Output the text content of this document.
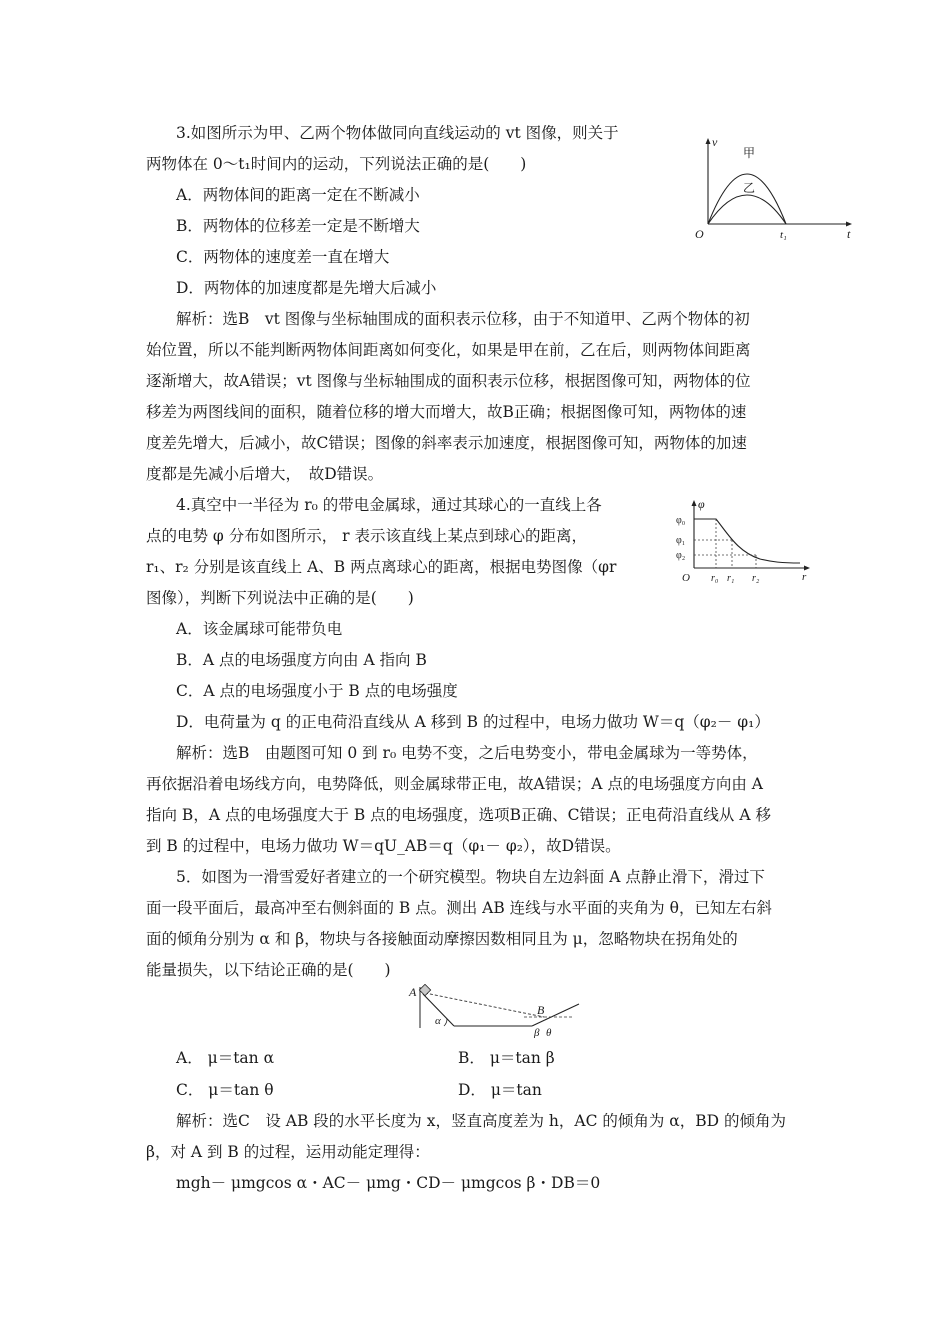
3.如图所示为甲、乙两个物体做同向直线运动的 vt 图像，则关于
两物体在 0～t₁时间内的运动，下列说法正确的是(　　)
A．两物体间的距离一定在不断减小
B．两物体的位移差一定是不断增大
C．两物体的速度差一直在增大
D．两物体的加速度都是先增大后减小
解析：选B　vt 图像与坐标轴围成的面积表示位移，由于不知道甲、乙两个物体的初
始位置，所以不能判断两物体间距离如何变化，如果是甲在前，乙在后，则两物体间距离
逐渐增大，故A错误；vt 图像与坐标轴围成的面积表示位移，根据图像可知，两物体的位
移差为两图线间的面积，随着位移的增大而增大，故B正确；根据图像可知，两物体的速
度差先增大，后减小，故C错误；图像的斜率表示加速度，根据图像可知，两物体的加速
度都是先减小后增大，　故D错误。
v
t
O
甲
乙
t₁
4.真空中一半径为 r₀ 的带电金属球，通过其球心的一直线上各
点的电势 φ 分布如图所示， r 表示该直线上某点到球心的距离，
r₁、r₂ 分别是该直线上 A、B 两点离球心的距离，根据电势图像（φr
图像），判断下列说法中正确的是(　　)
A．该金属球可能带负电
B．A 点的电场强度方向由 A 指向 B
C．A 点的电场强度小于 B 点的电场强度
D．电荷量为 q 的正电荷沿直线从 A 移到 B 的过程中，电场力做功 W＝q（φ₂－ φ₁）
解析：选B　由题图可知 0 到 r₀ 电势不变，之后电势变小，带电金属球为一等势体，
再依据沿着电场线方向，电势降低，则金属球带正电，故A错误；A 点的电场强度方向由 A
指向 B，A 点的电场强度大于 B 点的电场强度，选项B正确、C错误；正电荷沿直线从 A 移
到 B 的过程中，电场力做功 W＝qU_AB＝q（φ₁－ φ₂），故D错误。
φ
r
O
φ₀
φ₁
φ₂
r₀ r₁ r₂
5．如图为一滑雪爱好者建立的一个研究模型。物块自左边斜面 A 点静止滑下，滑过下
面一段平面后，最高冲至右侧斜面的 B 点。测出 AB 连线与水平面的夹角为 θ，已知左右斜
面的倾角分别为 α 和 β，物块与各接触面动摩擦因数相同且为 μ，忽略物块在拐角处的
能量损失，以下结论正确的是(　　)
A
B
α
β θ
A． μ＝tan α	B． μ＝tan β
C． μ＝tan θ	D． μ＝tan
解析：选C　设 AB 段的水平长度为 x，竖直高度差为 h，AC 的倾角为 α，BD 的倾角为
β，对 A 到 B 的过程，运用动能定理得：
mgh－ μmgcos α・AC－ μmg・CD－ μmgcos β・DB＝0
